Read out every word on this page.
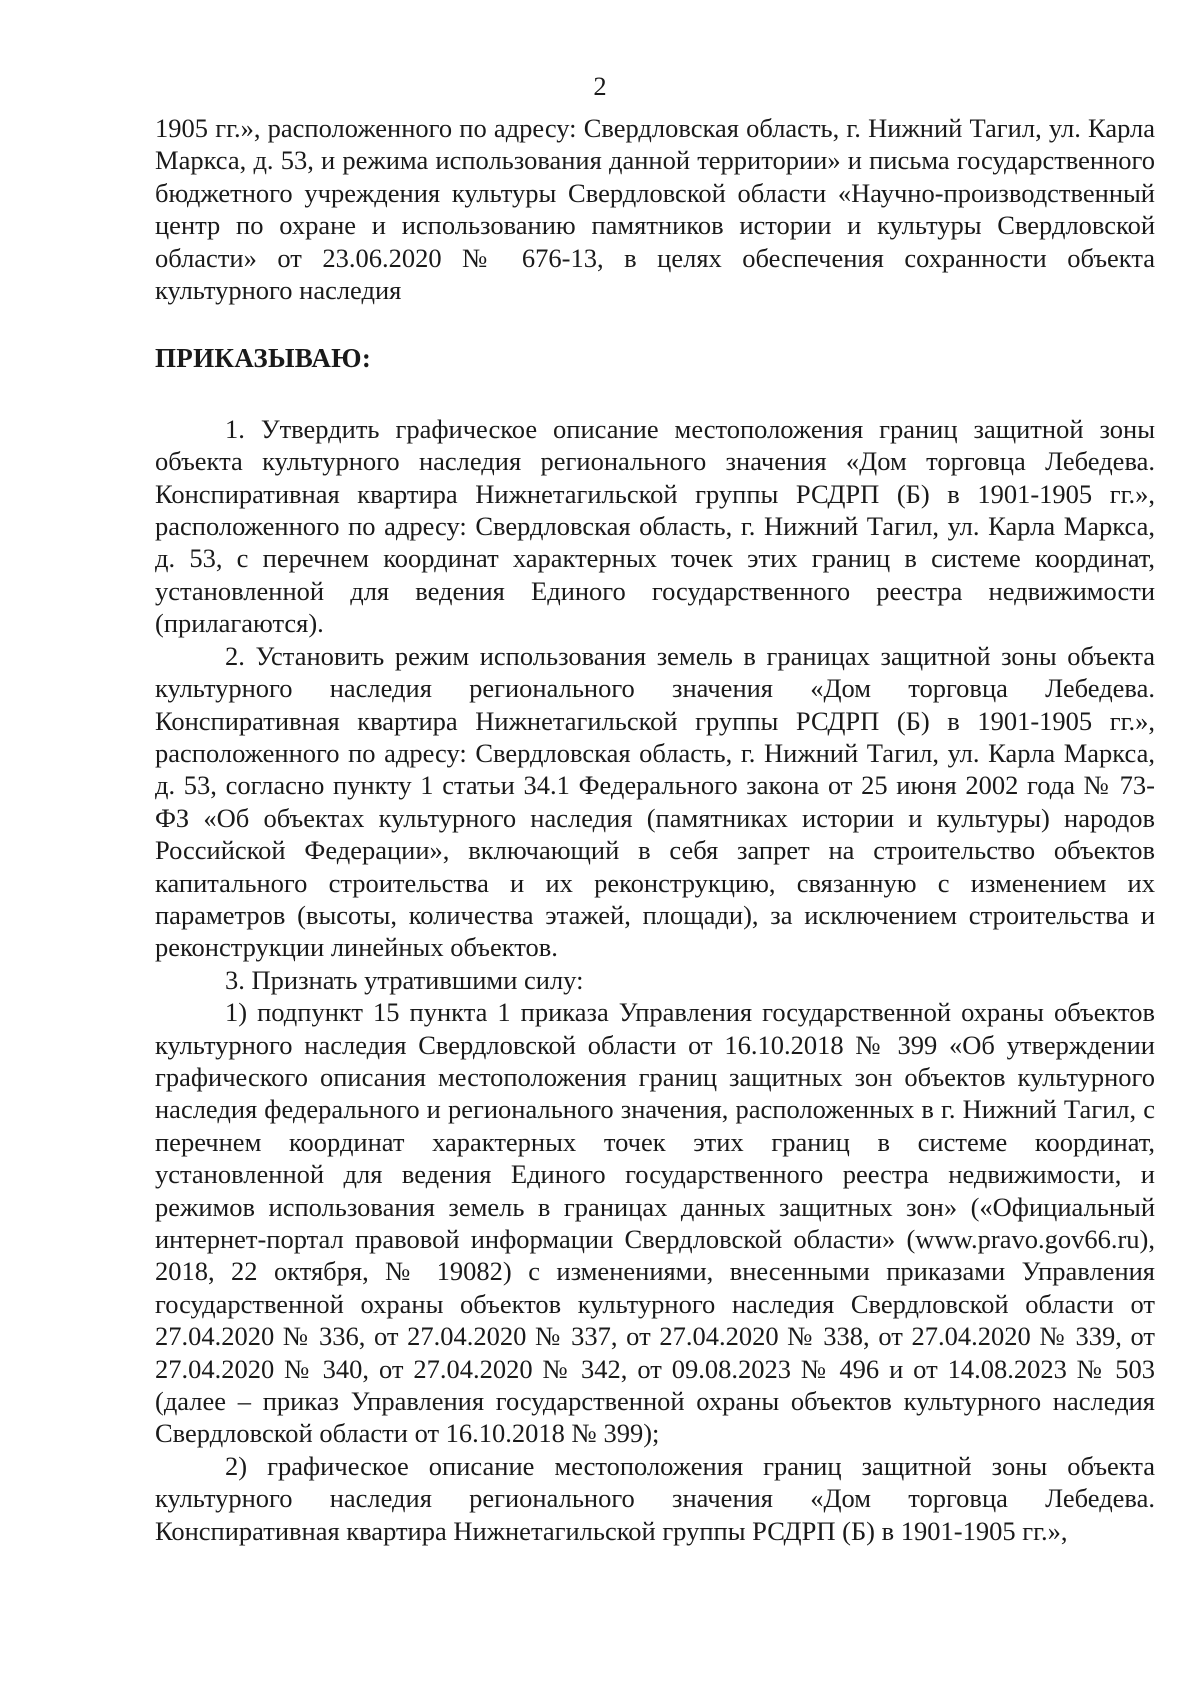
2

1905 гг.», расположенного по адресу: Свердловская область, г. Нижний Тагил, ул. Карла Маркса, д. 53, и режима использования данной территории» и письма государственного бюджетного учреждения культуры Свердловской области «Научно-производственный центр по охране и использованию памятников истории и культуры Свердловской области» от 23.06.2020 № 676-13, в целях обеспечения сохранности объекта культурного наследия

ПРИКАЗЫВАЮ:

1. Утвердить графическое описание местоположения границ защитной зоны объекта культурного наследия регионального значения «Дом торговца Лебедева. Конспиративная квартира Нижнетагильской группы РСДРП (Б) в 1901-1905 гг.», расположенного по адресу: Свердловская область, г. Нижний Тагил, ул. Карла Маркса, д. 53, с перечнем координат характерных точек этих границ в системе координат, установленной для ведения Единого государственного реестра недвижимости (прилагаются).

2. Установить режим использования земель в границах защитной зоны объекта культурного наследия регионального значения «Дом торговца Лебедева. Конспиративная квартира Нижнетагильской группы РСДРП (Б) в 1901-1905 гг.», расположенного по адресу: Свердловская область, г. Нижний Тагил, ул. Карла Маркса, д. 53, согласно пункту 1 статьи 34.1 Федерального закона от 25 июня 2002 года № 73-ФЗ «Об объектах культурного наследия (памятниках истории и культуры) народов Российской Федерации», включающий в себя запрет на строительство объектов капитального строительства и их реконструкцию, связанную с изменением их параметров (высоты, количества этажей, площади), за исключением строительства и реконструкции линейных объектов.

3. Признать утратившими силу:

1) подпункт 15 пункта 1 приказа Управления государственной охраны объектов культурного наследия Свердловской области от 16.10.2018 № 399 «Об утверждении графического описания местоположения границ защитных зон объектов культурного наследия федерального и регионального значения, расположенных в г. Нижний Тагил, с перечнем координат характерных точек этих границ в системе координат, установленной для ведения Единого государственного реестра недвижимости, и режимов использования земель в границах данных защитных зон» («Официальный интернет-портал правовой информации Свердловской области» (www.pravo.gov66.ru), 2018, 22 октября, № 19082) с изменениями, внесенными приказами Управления государственной охраны объектов культурного наследия Свердловской области от 27.04.2020 № 336, от 27.04.2020 № 337, от 27.04.2020 № 338, от 27.04.2020 № 339, от 27.04.2020 № 340, от 27.04.2020 № 342, от 09.08.2023 № 496 и от 14.08.2023 № 503 (далее – приказ Управления государственной охраны объектов культурного наследия Свердловской области от 16.10.2018 № 399);

2) графическое описание местоположения границ защитной зоны объекта культурного наследия регионального значения «Дом торговца Лебедева. Конспиративная квартира Нижнетагильской группы РСДРП (Б) в 1901-1905 гг.»,
